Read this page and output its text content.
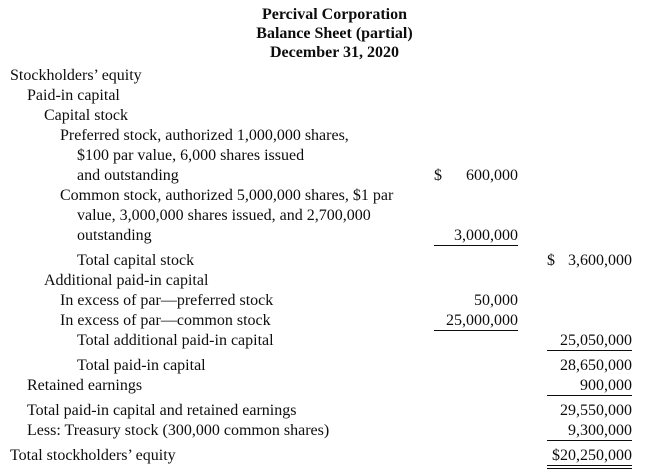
Percival Corporation
Balance Sheet (partial)
December 31, 2020
Stockholders’ equity
Paid-in capital
Capital stock
Preferred stock, authorized 1,000,000 shares,
$100 par value, 6,000 shares issued
and outstanding	$ 600,000
Common stock, authorized 5,000,000 shares, $1 par
value, 3,000,000 shares issued, and 2,700,000
outstanding	3,000,000
Total capital stock	$ 3,600,000
Additional paid-in capital
In excess of par—preferred stock	50,000
In excess of par—common stock	25,000,000
Total additional paid-in capital	25,050,000
Total paid-in capital	28,650,000
Retained earnings	900,000
Total paid-in capital and retained earnings	29,550,000
Less: Treasury stock (300,000 common shares)	9,300,000
Total stockholders’ equity	$20,250,000
